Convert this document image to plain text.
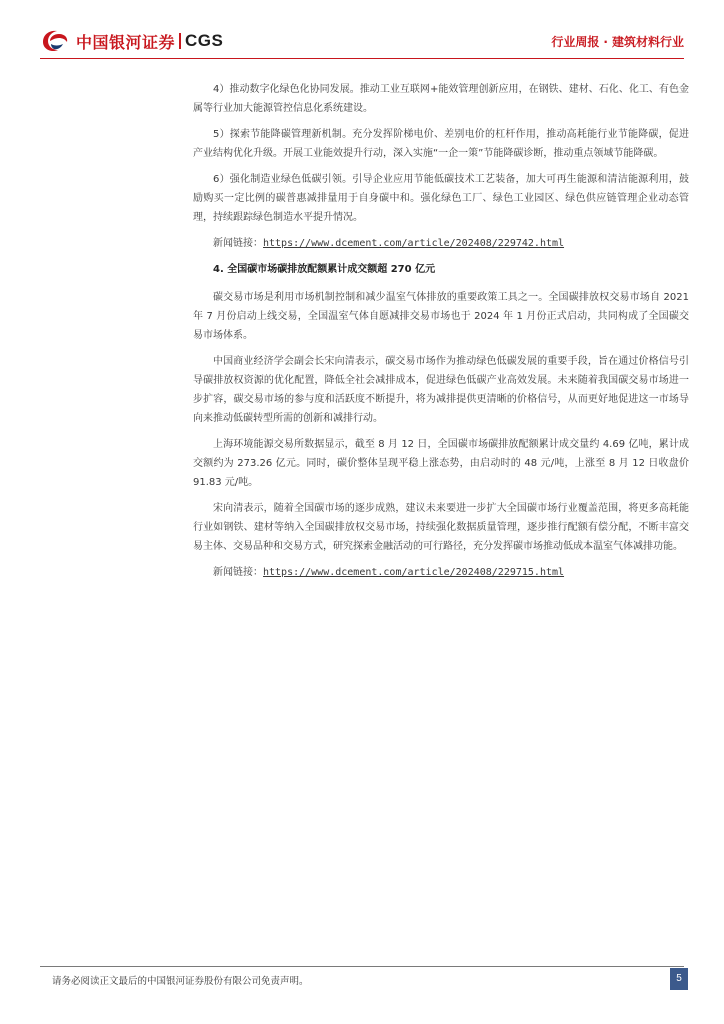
中国银河证券 CGS	行业周报 · 建筑材料行业

4）推动数字化绿色化协同发展。推动工业互联网+能效管理创新应用，在钢铁、建材、石化、化工、有色金属等行业加大能源管控信息化系统建设。

5）探索节能降碳管理新机制。充分发挥阶梯电价、差别电价的杠杆作用，推动高耗能行业节能降碳，促进产业结构优化升级。开展工业能效提升行动，深入实施“一企一策”节能降碳诊断，推动重点领域节能降碳。

6）强化制造业绿色低碳引领。引导企业应用节能低碳技术工艺装备，加大可再生能源和清洁能源利用，鼓励购买一定比例的碳普惠减排量用于自身碳中和。强化绿色工厂、绿色工业园区、绿色供应链管理企业动态管理，持续跟踪绿色制造水平提升情况。

新闻链接：https://www.dcement.com/article/202408/229742.html

4. 全国碳市场碳排放配额累计成交额超 270 亿元

碳交易市场是利用市场机制控制和减少温室气体排放的重要政策工具之一。全国碳排放权交易市场自 2021 年 7 月份启动上线交易，全国温室气体自愿减排交易市场也于 2024 年 1 月份正式启动，共同构成了全国碳交易市场体系。

中国商业经济学会副会长宋向清表示，碳交易市场作为推动绿色低碳发展的重要手段，旨在通过价格信号引导碳排放权资源的优化配置，降低全社会减排成本，促进绿色低碳产业高效发展。未来随着我国碳交易市场进一步扩容，碳交易市场的参与度和活跃度不断提升，将为减排提供更清晰的价格信号，从而更好地促进这一市场导向来推动低碳转型所需的创新和减排行动。

上海环境能源交易所数据显示，截至 8 月 12 日，全国碳市场碳排放配额累计成交量约 4.69 亿吨，累计成交额约为 273.26 亿元。同时，碳价整体呈现平稳上涨态势，由启动时的 48 元/吨，上涨至 8 月 12 日收盘价 91.83 元/吨。

宋向清表示，随着全国碳市场的逐步成熟，建议未来要进一步扩大全国碳市场行业覆盖范围，将更多高耗能行业如钢铁、建材等纳入全国碳排放权交易市场，持续强化数据质量管理，逐步推行配额有偿分配，不断丰富交易主体、交易品种和交易方式，研究探索金融活动的可行路径，充分发挥碳市场推动低成本温室气体减排功能。

新闻链接：https://www.dcement.com/article/202408/229715.html

请务必阅读正文最后的中国银河证券股份有限公司免责声明。	5
